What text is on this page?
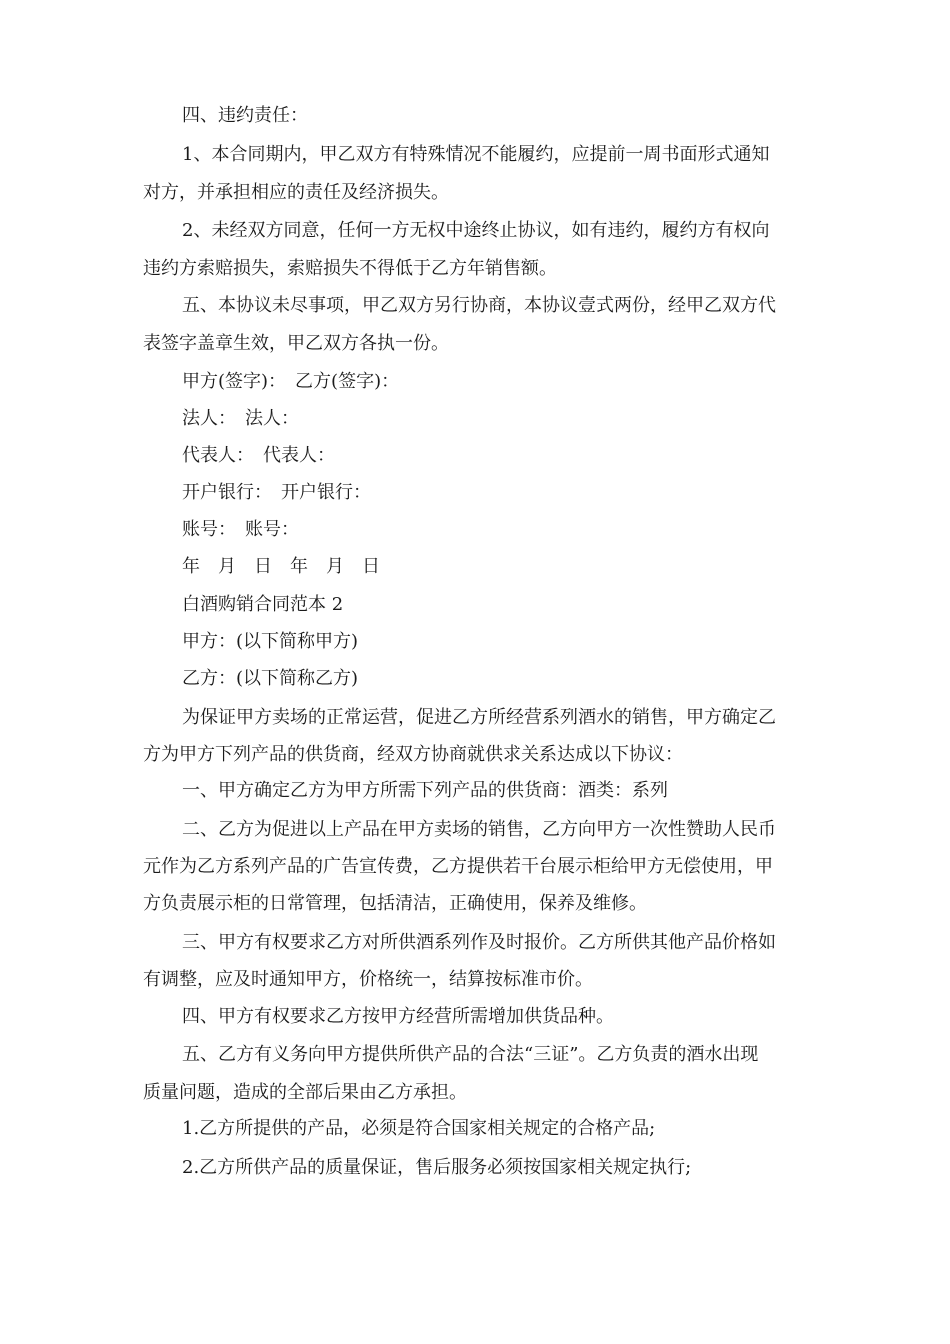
四、违约责任：
1、本合同期内，甲乙双方有特殊情况不能履约，应提前一周书面形式通知
对方，并承担相应的责任及经济损失。
2、未经双方同意，任何一方无权中途终止协议，如有违约，履约方有权向
违约方索赔损失，索赔损失不得低于乙方年销售额。
五、本协议未尽事项，甲乙双方另行协商，本协议壹式两份，经甲乙双方代
表签字盖章生效，甲乙双方各执一份。
甲方(签字)：　乙方(签字)：
法人：　法人：
代表人：　代表人：
开户银行：　开户银行：
账号：　账号：
年　月　日　年　月　日
白酒购销合同范本 2
甲方：(以下简称甲方)
乙方：(以下简称乙方)
为保证甲方卖场的正常运营，促进乙方所经营系列酒水的销售，甲方确定乙
方为甲方下列产品的供货商，经双方协商就供求关系达成以下协议：
一、甲方确定乙方为甲方所需下列产品的供货商：酒类：系列
二、乙方为促进以上产品在甲方卖场的销售，乙方向甲方一次性赞助人民币
元作为乙方系列产品的广告宣传费，乙方提供若干台展示柜给甲方无偿使用，甲
方负责展示柜的日常管理，包括清洁，正确使用，保养及维修。
三、甲方有权要求乙方对所供酒系列作及时报价。乙方所供其他产品价格如
有调整，应及时通知甲方，价格统一，结算按标准市价。
四、甲方有权要求乙方按甲方经营所需增加供货品种。
五、乙方有义务向甲方提供所供产品的合法“三证”。乙方负责的酒水出现
质量问题，造成的全部后果由乙方承担。
1.乙方所提供的产品，必须是符合国家相关规定的合格产品;
2.乙方所供产品的质量保证，售后服务必须按国家相关规定执行;
